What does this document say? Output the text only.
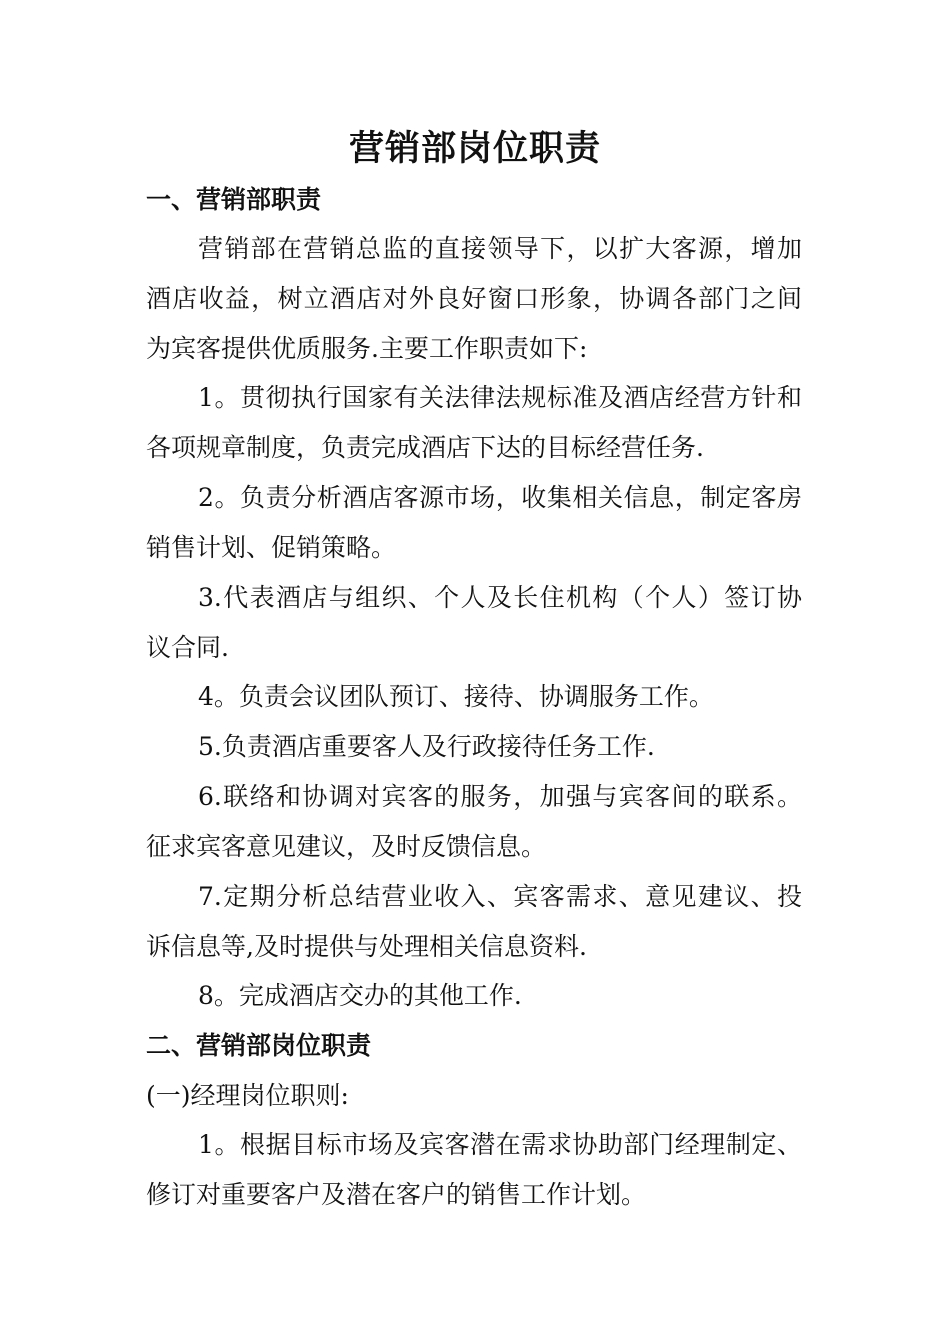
营销部岗位职责
一、营销部职责
营销部在营销总监的直接领导下，以扩大客源，增加
酒店收益，树立酒店对外良好窗口形象，协调各部门之间
为宾客提供优质服务.主要工作职责如下:
1。贯彻执行国家有关法律法规标准及酒店经营方针和
各项规章制度，负责完成酒店下达的目标经营任务.
2。负责分析酒店客源市场，收集相关信息，制定客房
销售计划、促销策略。
3.代表酒店与组织、个人及长住机构（个人）签订协
议合同.
4。负责会议团队预订、接待、协调服务工作。
5.负责酒店重要客人及行政接待任务工作.
6.联络和协调对宾客的服务，加强与宾客间的联系。
征求宾客意见建议，及时反馈信息。
7.定期分析总结营业收入、宾客需求、意见建议、投
诉信息等,及时提供与处理相关信息资料.
8。完成酒店交办的其他工作.
二、营销部岗位职责
(一)经理岗位职则:
1。根据目标市场及宾客潜在需求协助部门经理制定、
修订对重要客户及潜在客户的销售工作计划。
